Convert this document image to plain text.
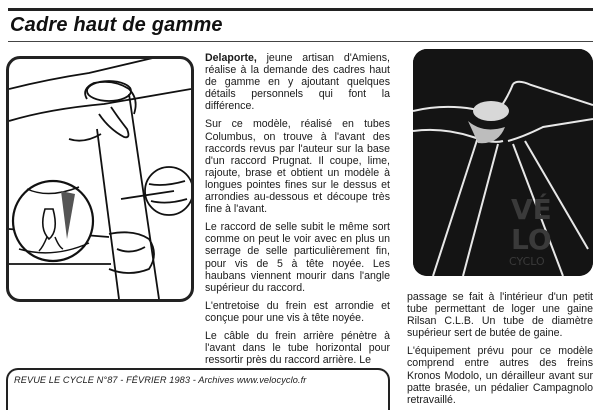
Cadre haut de gamme

Delaporte, jeune artisan d'Amiens, réalise à la demande des cadres haut de gamme en y ajoutant quelques détails personnels qui font la différence.

Sur ce modèle, réalisé en tubes Columbus, on trouve à l'avant des raccords revus par l'auteur sur la base d'un raccord Prugnat. Il coupe, lime, rajoute, brase et obtient un modèle à longues pointes fines sur le dessus et arrondies au-dessous et découpe très fine à l'avant.

Le raccord de selle subit le même sort comme on peut le voir avec en plus un serrage de selle particulièrement fin, pour vis de 5 à tête noyée. Les haubans viennent mourir dans l'angle supérieur du raccord.

L'entretoise du frein est arrondie et conçue pour une vis à tête noyée.

Le câble du frein arrière pénètre à l'avant dans le tube horizontal pour ressortir près du raccord arrière. Le

VÉ
LO
CYCLO

passage se fait à l'intérieur d'un petit tube permettant de loger une gaine Rilsan C.L.B. Un tube de diamètre supérieur sert de butée de gaine.

L'équipement prévu pour ce modèle comprend entre autres des freins Kronos Modolo, un dérailleur avant sur patte brasée, un pédalier Campagnolo retravaillé.

REVUE LE CYCLE N°87 - FÉVRIER 1983 - Archives www.velocyclo.fr
